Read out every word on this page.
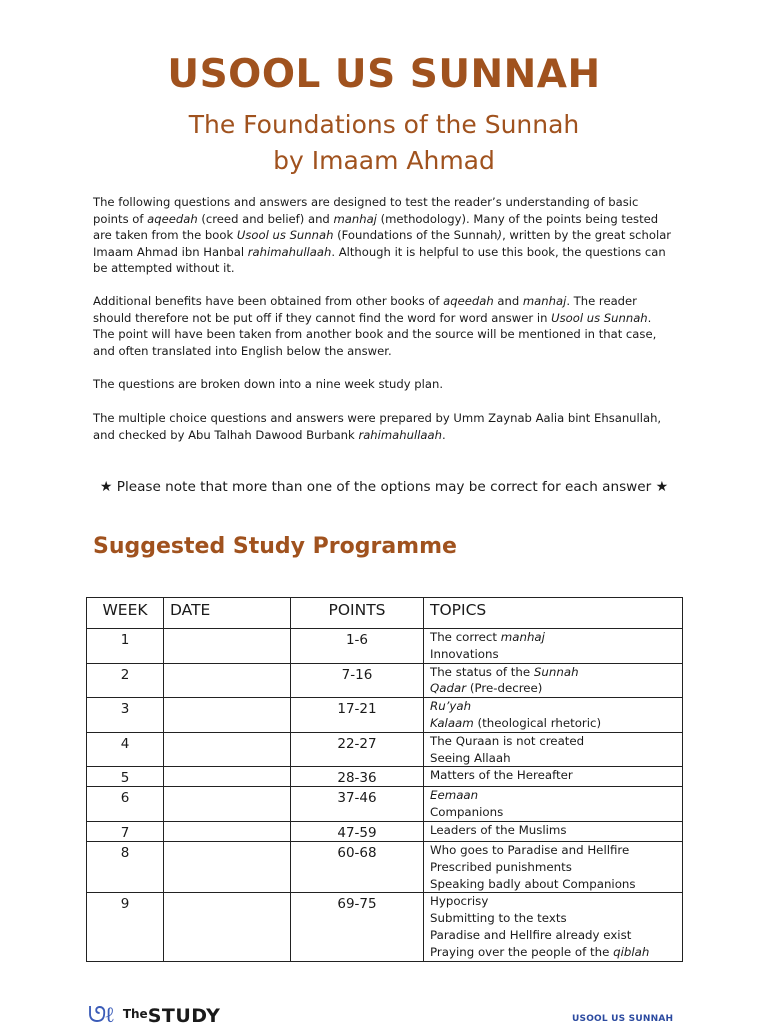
USOOL US SUNNAH
The Foundations of the Sunnah
by Imaam Ahmad

The following questions and answers are designed to test the reader’s understanding of basic points of aqeedah (creed and belief) and manhaj (methodology). Many of the points being tested are taken from the book Usool us Sunnah (Foundations of the Sunnah), written by the great scholar Imaam Ahmad ibn Hanbal rahimahullaah. Although it is helpful to use this book, the questions can be attempted without it.

Additional benefits have been obtained from other books of aqeedah and manhaj. The reader should therefore not be put off if they cannot find the word for word answer in Usool us Sunnah. The point will have been taken from another book and the source will be mentioned in that case, and often translated into English below the answer.

The questions are broken down into a nine week study plan.

The multiple choice questions and answers were prepared by Umm Zaynab Aalia bint Ehsanullah, and checked by Abu Talhah Dawood Burbank rahimahullaah.

★ Please note that more than one of the options may be correct for each answer ★
Suggested Study Programme
WEEK	DATE	POINTS	TOPICS
1		1-6	The correct manhaj
Innovations

2		7-16	The status of the Sunnah
Qadar (Pre-decree)

3		17-21	Ru’yah
Kalaam (theological rhetoric)

4		22-27	The Quraan is not created
Seeing Allaah

5		28-36	Matters of the Hereafter

6		37-46	Eemaan
Companions

7		47-59	Leaders of the Muslims

8		60-68	Who goes to Paradise and Hellfire
Prescribed punishments
Speaking badly about Companions

9		69-75	Hypocrisy
Submitting to the texts
Paradise and Hellfire already exist
Praying over the people of the qiblah
ᘎℓ $^{The}$STUDY	USOOL US SUNNAH
